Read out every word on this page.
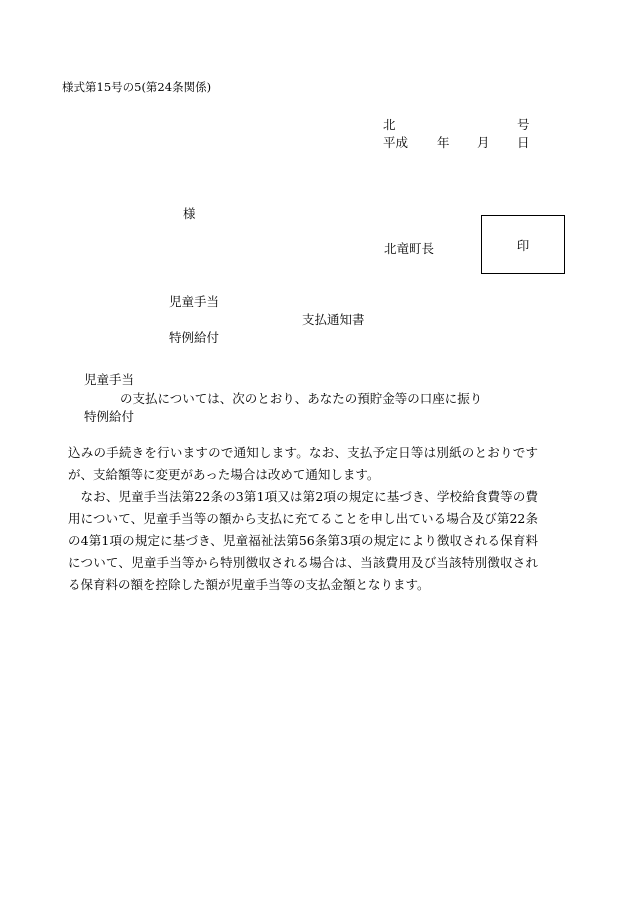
様式第15号の5(第24条関係)
北	号
平成 年 月 日
様
北竜町長	印
児童手当
支払通知書
特例給付
児童手当
の支払については、次のとおり、あなたの預貯金等の口座に振り
特例給付

込みの手続きを行いますので通知します。なお、支払予定日等は別紙のとおりですが、支給額等に変更があった場合は改めて通知します。

なお、児童手当法第22条の3第1項又は第2項の規定に基づき、学校給食費等の費用について、児童手当等の額から支払に充てることを申し出ている場合及び第22条の4第1項の規定に基づき、児童福祉法第56条第3項の規定により徴収される保育料について、児童手当等から特別徴収される場合は、当該費用及び当該特別徴収される保育料の額を控除した額が児童手当等の支払金額となります。
